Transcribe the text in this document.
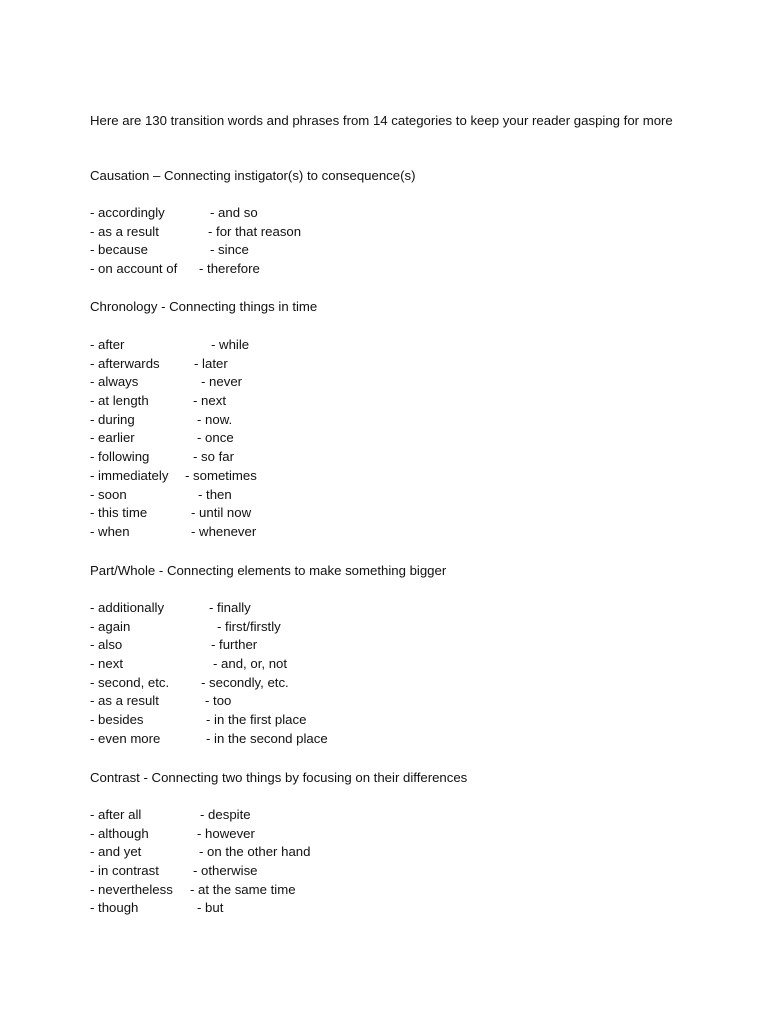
Here are 130 transition words and phrases from 14 categories to keep your reader gasping for more

Causation – Connecting instigator(s) to consequence(s)

- accordingly	- and so
- as a result	- for that reason
- because	- since
- on account of - therefore

Chronology - Connecting things in time

- after	- while
- afterwards	- later
- always	- never
- at length	- next
- during	- now.
- earlier	- once
- following	- so far
- immediately - sometimes
- soon	- then
- this time	- until now
- when	- whenever

Part/Whole - Connecting elements to make something bigger

- additionally	- finally
- again	- first/firstly
- also	- further
- next	- and, or, not
- second, etc. - secondly, etc.
- as a result	- too
- besides	- in the first place
- even more	- in the second place

Contrast - Connecting two things by focusing on their differences

- after all	- despite
- although	- however
- and yet	- on the other hand
- in contrast	- otherwise
- nevertheless - at the same time
- though	- but
